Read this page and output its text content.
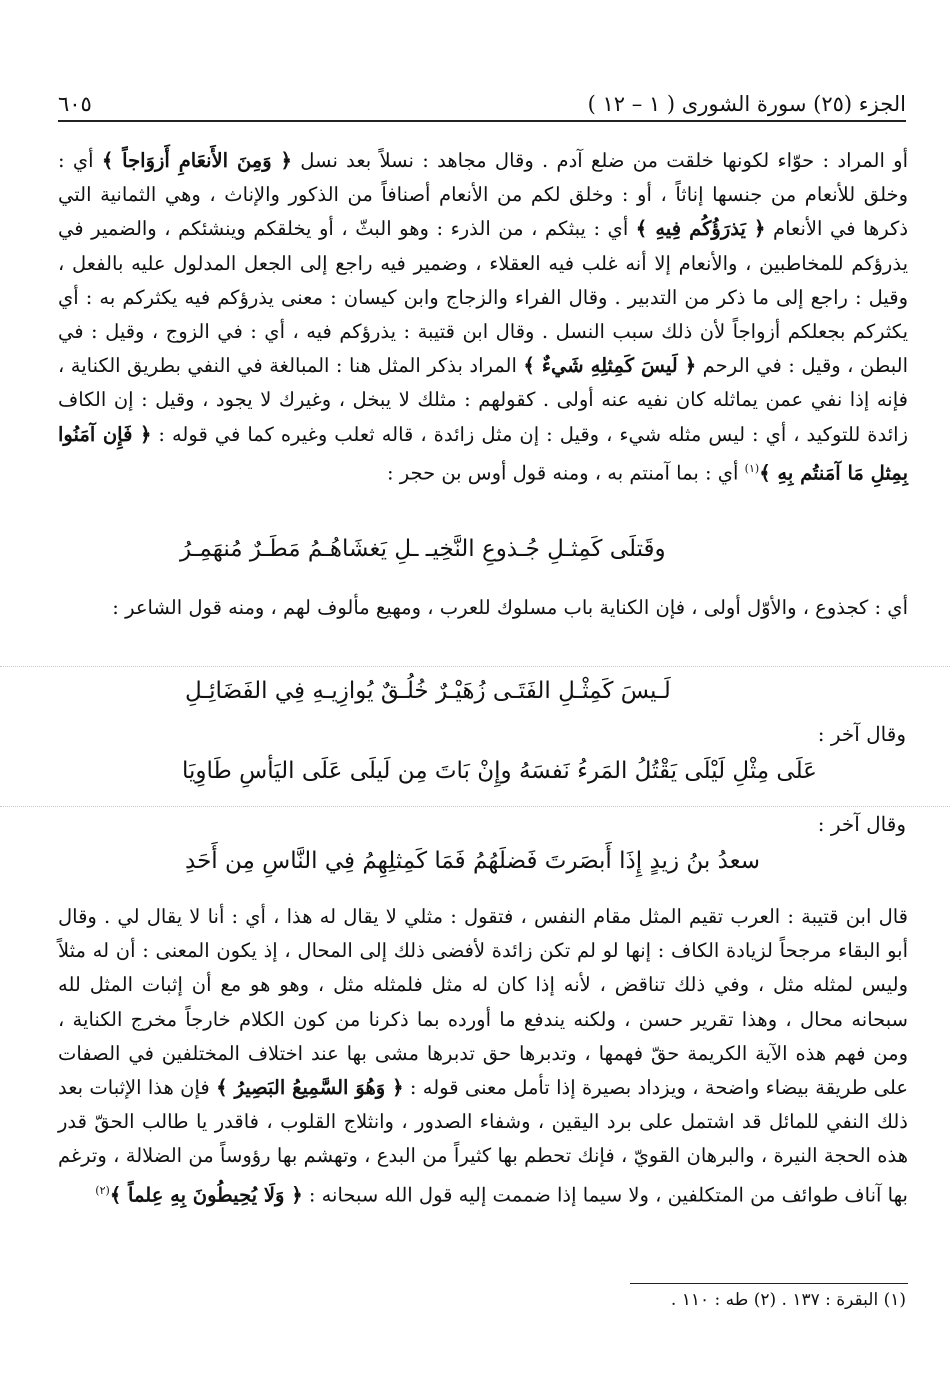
الجزء (٢٥) سورة الشورى ( ١ – ١٢ )
٦٠٥
أو المراد : حوّاء لكونها خلقت من ضلع آدم . وقال مجاهد : نسلاً بعد نسل ﴿ وَمِنَ الأَنعَامِ أَزوَاجاً ﴾ أي : وخلق للأنعام من جنسها إناثاً ، أو : وخلق لكم من الأنعام أصنافاً من الذكور والإناث ، وهي الثمانية التي ذكرها في الأنعام ﴿ يَذرَؤُكُم فِيهِ ﴾ أي : يبثكم ، من الذرء : وهو البثّ ، أو يخلقكم وينشئكم ، والضمير في يذرؤكم للمخاطبين ، والأنعام إلا أنه غلب فيه العقلاء ، وضمير فيه راجع إلى الجعل المدلول عليه بالفعل ، وقيل : راجع إلى ما ذكر من التدبير . وقال الفراء والزجاج وابن كيسان : معنى يذرؤكم فيه يكثركم به : أي يكثركم بجعلكم أزواجاً لأن ذلك سبب النسل . وقال ابن قتيبة : يذرؤكم فيه ، أي : في الزوج ، وقيل : في البطن ، وقيل : في الرحم ﴿ لَيسَ كَمِثلِهِ شَيءٌ ﴾ المراد بذكر المثل هنا : المبالغة في النفي بطريق الكناية ، فإنه إذا نفي عمن يماثله كان نفيه عنه أولى . كقولهم : مثلك لا يبخل ، وغيرك لا يجود ، وقيل : إن الكاف زائدة للتوكيد ، أي : ليس مثله شيء ، وقيل : إن مثل زائدة ، قاله ثعلب وغيره كما في قوله : ﴿ فَإِن آمَنُوا بِمِثلِ مَا آمَنتُم بِهِ ﴾$^{(١)}$ أي : بما آمنتم به ، ومنه قول أوس بن حجر :
وقَتلَى كَمِثـلِ جُـذوعِ النَّخِيـ ـلِ يَغشَاهُـمُ مَطَـرٌ مُنهَمِـرُ
أي : كجذوع ، والأوّل أولى ، فإن الكناية باب مسلوك للعرب ، ومهيع مألوف لهم ، ومنه قول الشاعر :
لَـيسَ كَمِثْـلِ الفَتَـى زُهَيْـرٌ خُلُـقٌ يُوازِيـهِ فِي الفَضَائِـلِ
وقال آخر :
عَلَى مِثْلِ لَيْلَى يَقْتُلُ المَرءُ نَفسَهُ وإِنْ بَاتَ مِن لَيلَى عَلَى اليَأسِ طَاوِيَا
وقال آخر :
سعدُ بنُ زيدٍ إِذَا أَبصَرتَ فَضلَهُمُ فَمَا كَمِثلِهِمُ فِي النَّاسِ مِن أَحَدِ
قال ابن قتيبة : العرب تقيم المثل مقام النفس ، فتقول : مثلي لا يقال له هذا ، أي : أنا لا يقال لي . وقال أبو البقاء مرجحاً لزيادة الكاف : إنها لو لم تكن زائدة لأفضى ذلك إلى المحال ، إذ يكون المعنى : أن له مثلاً وليس لمثله مثل ، وفي ذلك تناقض ، لأنه إذا كان له مثل فلمثله مثل ، وهو هو مع أن إثبات المثل لله سبحانه محال ، وهذا تقرير حسن ، ولكنه يندفع ما أورده بما ذكرنا من كون الكلام خارجاً مخرج الكناية ، ومن فهم هذه الآية الكريمة حقّ فهمها ، وتدبرها حق تدبرها مشى بها عند اختلاف المختلفين في الصفات على طريقة بيضاء واضحة ، ويزداد بصيرة إذا تأمل معنى قوله : ﴿ وَهُوَ السَّمِيعُ البَصِيرُ ﴾ فإن هذا الإثبات بعد ذلك النفي للمائل قد اشتمل على برد اليقين ، وشفاء الصدور ، وانثلاج القلوب ، فاقدر يا طالب الحقّ قدر هذه الحجة النيرة ، والبرهان القويّ ، فإنك تحطم بها كثيراً من البدع ، وتهشم بها رؤوساً من الضلالة ، وترغم بها آناف طوائف من المتكلفين ، ولا سيما إذا ضممت إليه قول الله سبحانه : ﴿ وَلَا يُحِيطُونَ بِهِ عِلماً ﴾$^{(٢)}$
(١) البقرة : ١٣٧ . (٢) طه : ١١٠ .
